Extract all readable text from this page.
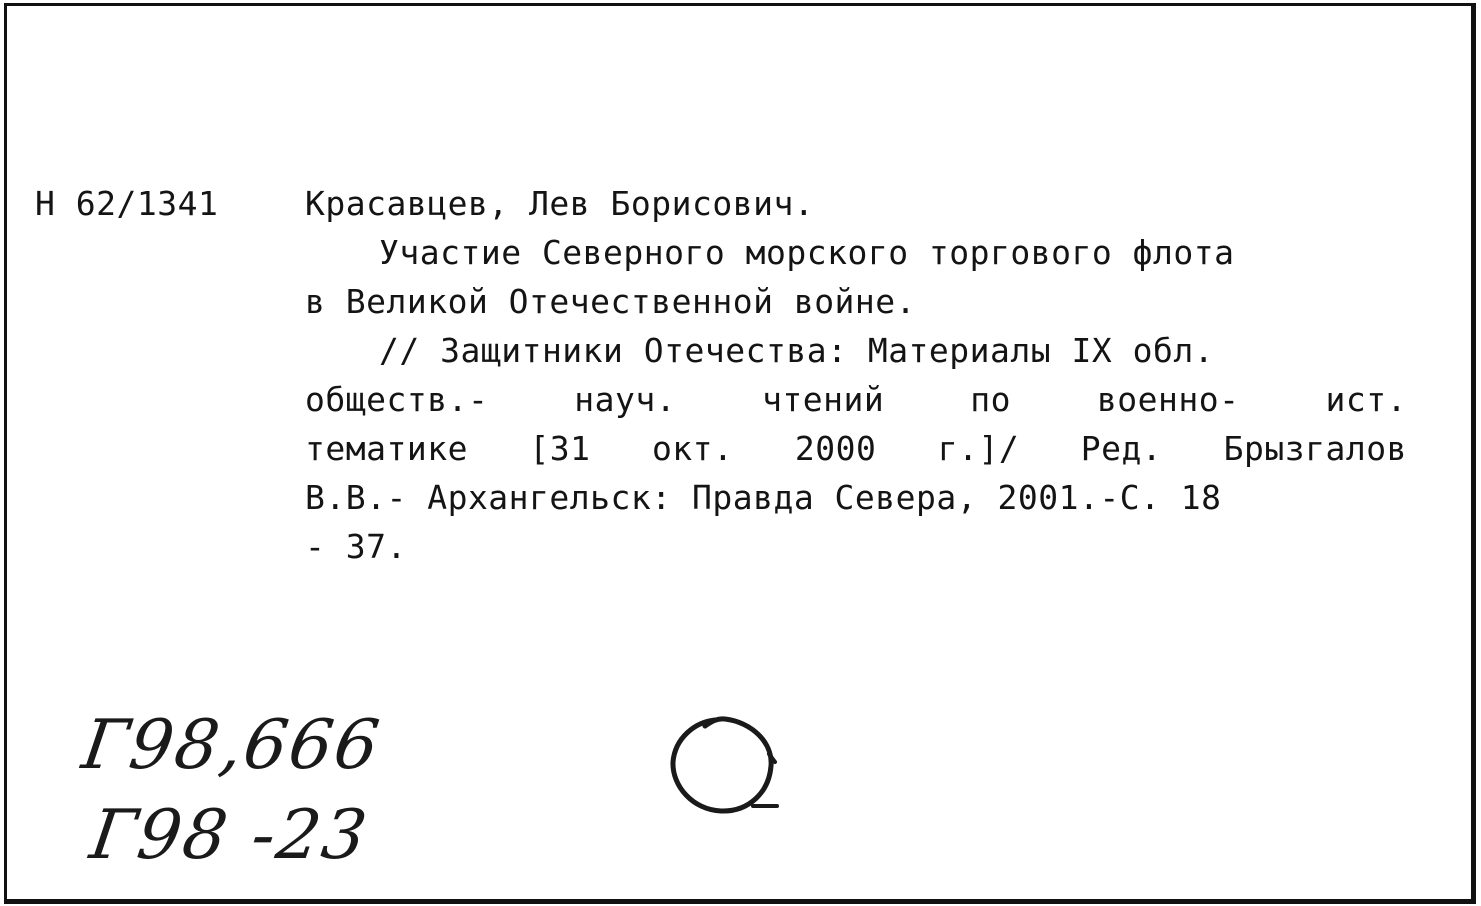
Н 62/1341	Красавцев, Лев Борисович.
Участие Северного морского торгового флота
в Великой Отечественной войне.
// Защитники Отечества: Материалы IX обл.
обществ.-	науч.	чтений	по	военно-	ист.
тематике [31 окт. 2000 г.]/ Ред. Брызгалов
В.В.- Архангельск: Правда Севера, 2001.-С. 18
- 37.
Г98,666
Г98 -23
